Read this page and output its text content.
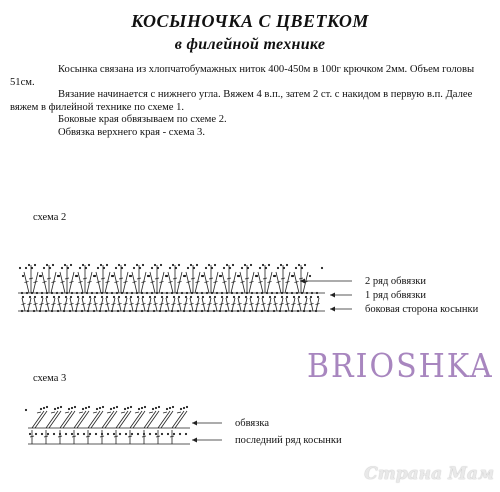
КОСЫНОЧКА С ЦВЕТКОМ
в филейной технике

Косынка связана из хлопчатобумажных ниток 400-450м в 100г крючком 2мм. Объем головы 51см.

Вязание начинается с нижнего угла. Вяжем 4 в.п., затем 2 ст. с накидом в первую в.п. Далее вяжем в филейной технике по схеме 1.

Боковые края обвязываем по схеме 2.

Обвязка верхнего края - схема 3.

схема 2
схема 3
2 ряд обвязки
1 ряд обвязки
боковая сторона косынки
обвязка
последний ряд косынки
BRIOSHKA
Страна Мам
